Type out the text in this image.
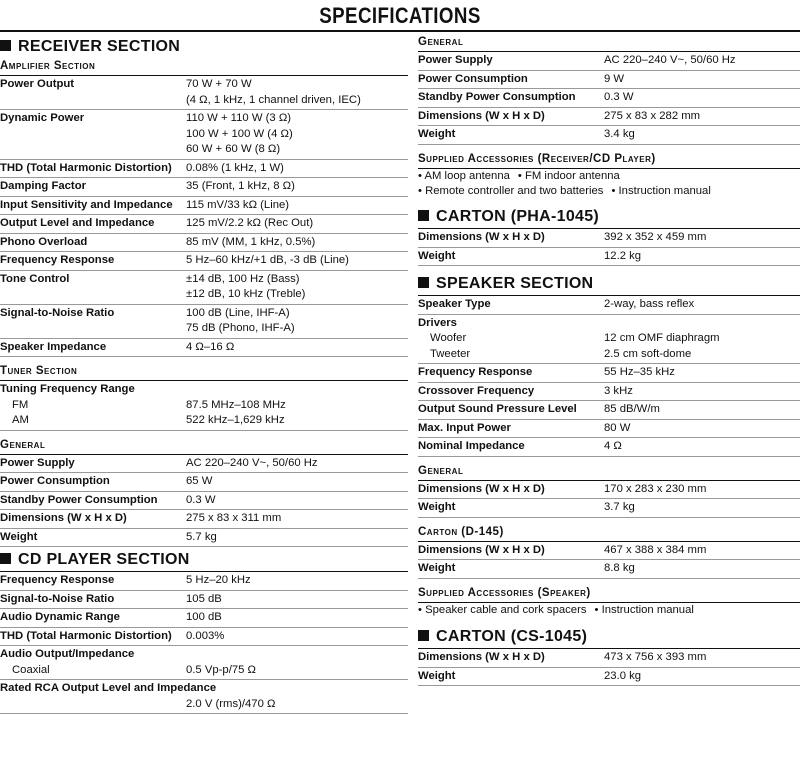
SPECIFICATIONS
RECEIVER SECTION
Amplifier Section
Power Output	70 W + 70 W
(4 Ω, 1 kHz, 1 channel driven, IEC)
Dynamic Power	110 W + 110 W (3 Ω)
100 W + 100 W (4 Ω)
60 W + 60 W (8 Ω)
THD (Total Harmonic Distortion) 0.08% (1 kHz, 1 W)
Damping Factor	35 (Front, 1 kHz, 8 Ω)
Input Sensitivity and Impedance 115 mV/33 kΩ (Line)
Output Level and Impedance	125 mV/2.2 kΩ (Rec Out)
Phono Overload	85 mV (MM, 1 kHz, 0.5%)
Frequency Response	5 Hz–60 kHz/+1 dB, -3 dB (Line)
Tone Control	±14 dB, 100 Hz (Bass)
±12 dB, 10 kHz (Treble)
Signal-to-Noise Ratio	100 dB (Line, IHF-A)
75 dB (Phono, IHF-A)
Speaker Impedance	4 Ω–16 Ω
Tuner Section
Tuning Frequency Range
FM	87.5 MHz–108 MHz
AM	522 kHz–1,629 kHz
General
Power Supply	AC 220–240 V~, 50/60 Hz
Power Consumption	65 W
Standby Power Consumption	0.3 W
Dimensions (W x H x D)	275 x 83 x 311 mm
Weight	5.7 kg
CD PLAYER SECTION
Frequency Response	5 Hz–20 kHz
Signal-to-Noise Ratio	105 dB
Audio Dynamic Range	100 dB
THD (Total Harmonic Distortion) 0.003%
Audio Output/Impedance
Coaxial	0.5 Vp-p/75 Ω
Rated RCA Output Level and Impedance
2.0 V (rms)/470 Ω
General
Power Supply	AC 220–240 V~, 50/60 Hz
Power Consumption	9 W
Standby Power Consumption	0.3 W
Dimensions (W x H x D)	275 x 83 x 282 mm
Weight	3.4 kg
Supplied Accessories (Receiver/CD Player)
• AM loop antenna • FM indoor antenna
• Remote controller and two batteries • Instruction manual
CARTON (PHA-1045)
Dimensions (W x H x D)	392 x 352 x 459 mm
Weight	12.2 kg
SPEAKER SECTION
Speaker Type	2-way, bass reflex
Drivers
Woofer	12 cm OMF diaphragm
Tweeter	2.5 cm soft-dome
Frequency Response	55 Hz–35 kHz
Crossover Frequency	3 kHz
Output Sound Pressure Level 85 dB/W/m
Max. Input Power	80 W
Nominal Impedance	4 Ω
General
Dimensions (W x H x D)	170 x 283 x 230 mm
Weight	3.7 kg
Carton (D-145)
Dimensions (W x H x D)	467 x 388 x 384 mm
Weight	8.8 kg
Supplied Accessories (Speaker)
• Speaker cable and cork spacers • Instruction manual
CARTON (CS-1045)
Dimensions (W x H x D)	473 x 756 x 393 mm
Weight	23.0 kg
